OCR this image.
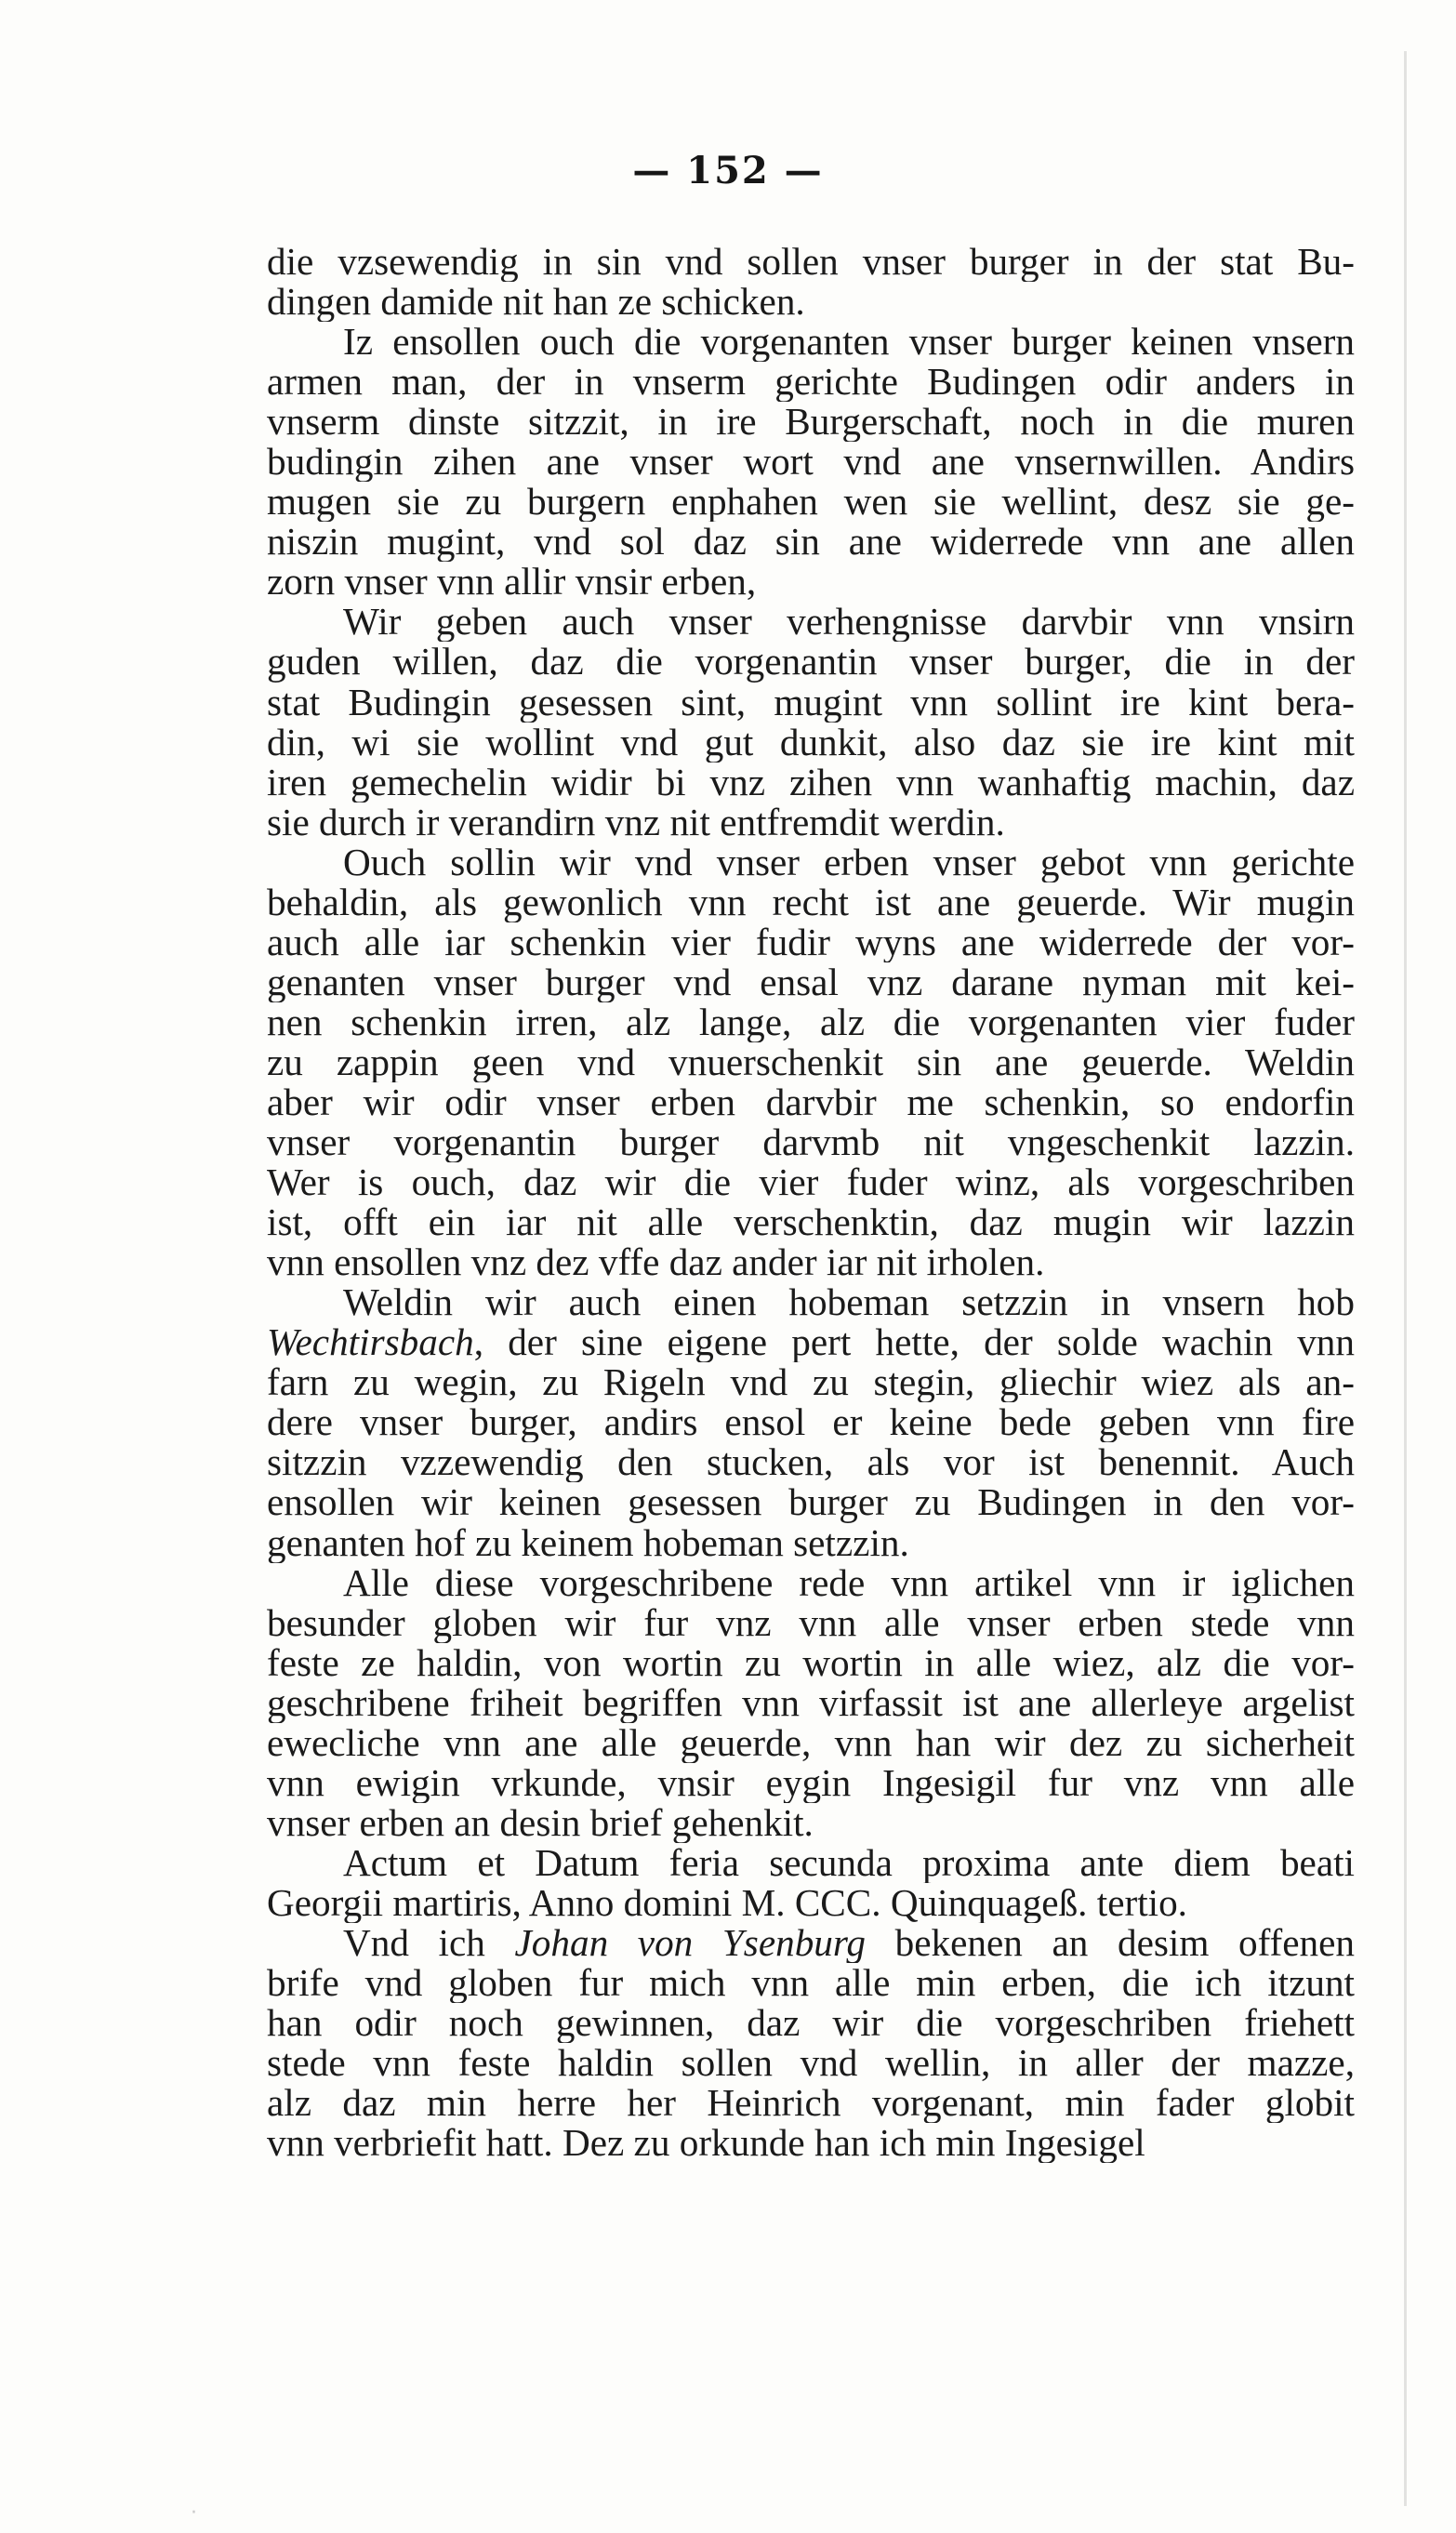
— 152 —
die vzsewendig in sin vnd sollen vnser burger in der stat Bu-
dingen damide nit han ze schicken.
Iz ensollen ouch die vorgenanten vnser burger keinen vnsern
armen man, der in vnserm gerichte Budingen odir anders in
vnserm dinste sitzzit, in ire Burgerschaft, noch in die muren
budingin zihen ane vnser wort vnd ane vnsernwillen. Andirs
mugen sie zu burgern enphahen wen sie wellint, desz sie ge-
niszin mugint, vnd sol daz sin ane widerrede vnn ane allen
zorn vnser vnn allir vnsir erben,
Wir geben auch vnser verhengnisse darvbir vnn vnsirn
guden willen, daz die vorgenantin vnser burger, die in der
stat Budingin gesessen sint, mugint vnn sollint ire kint bera-
din, wi sie wollint vnd gut dunkit, also daz sie ire kint mit
iren gemechelin widir bi vnz zihen vnn wanhaftig machin, daz
sie durch ir verandirn vnz nit entfremdit werdin.
Ouch sollin wir vnd vnser erben vnser gebot vnn gerichte
behaldin, als gewonlich vnn recht ist ane geuerde. Wir mugin
auch alle iar schenkin vier fudir wyns ane widerrede der vor-
genanten vnser burger vnd ensal vnz darane nyman mit kei-
nen schenkin irren, alz lange, alz die vorgenanten vier fuder
zu zappin geen vnd vnuerschenkit sin ane geuerde. Weldin
aber wir odir vnser erben darvbir me schenkin, so endorfin
vnser vorgenantin burger darvmb nit vngeschenkit lazzin.
Wer is ouch, daz wir die vier fuder winz, als vorgeschriben
ist, offt ein iar nit alle verschenktin, daz mugin wir lazzin
vnn ensollen vnz dez vffe daz ander iar nit irholen.
Weldin wir auch einen hobeman setzzin in vnsern hob
Wechtirsbach, der sine eigene pert hette, der solde wachin vnn
farn zu wegin, zu Rigeln vnd zu stegin, gliechir wiez als an-
dere vnser burger, andirs ensol er keine bede geben vnn fire
sitzzin vzzewendig den stucken, als vor ist benennit. Auch
ensollen wir keinen gesessen burger zu Budingen in den vor-
genanten hof zu keinem hobeman setzzin.
Alle diese vorgeschribene rede vnn artikel vnn ir iglichen
besunder globen wir fur vnz vnn alle vnser erben stede vnn
feste ze haldin, von wortin zu wortin in alle wiez, alz die vor-
geschribene friheit begriffen vnn virfassit ist ane allerleye argelist
ewecliche vnn ane alle geuerde, vnn han wir dez zu sicherheit
vnn ewigin vrkunde, vnsir eygin Ingesigil fur vnz vnn alle
vnser erben an desin brief gehenkit.
Actum et Datum feria secunda proxima ante diem beati
Georgii martiris, Anno domini M. CCC. Quinquageß. tertio.
Vnd ich Johan von Ysenburg bekenen an desim offenen
brife vnd globen fur mich vnn alle min erben, die ich itzunt
han odir noch gewinnen, daz wir die vorgeschriben friehett
stede vnn feste haldin sollen vnd wellin, in aller der mazze,
alz daz min herre her Heinrich vorgenant, min fader globit
vnn verbriefit hatt. Dez zu orkunde han ich min Ingesigel
·
